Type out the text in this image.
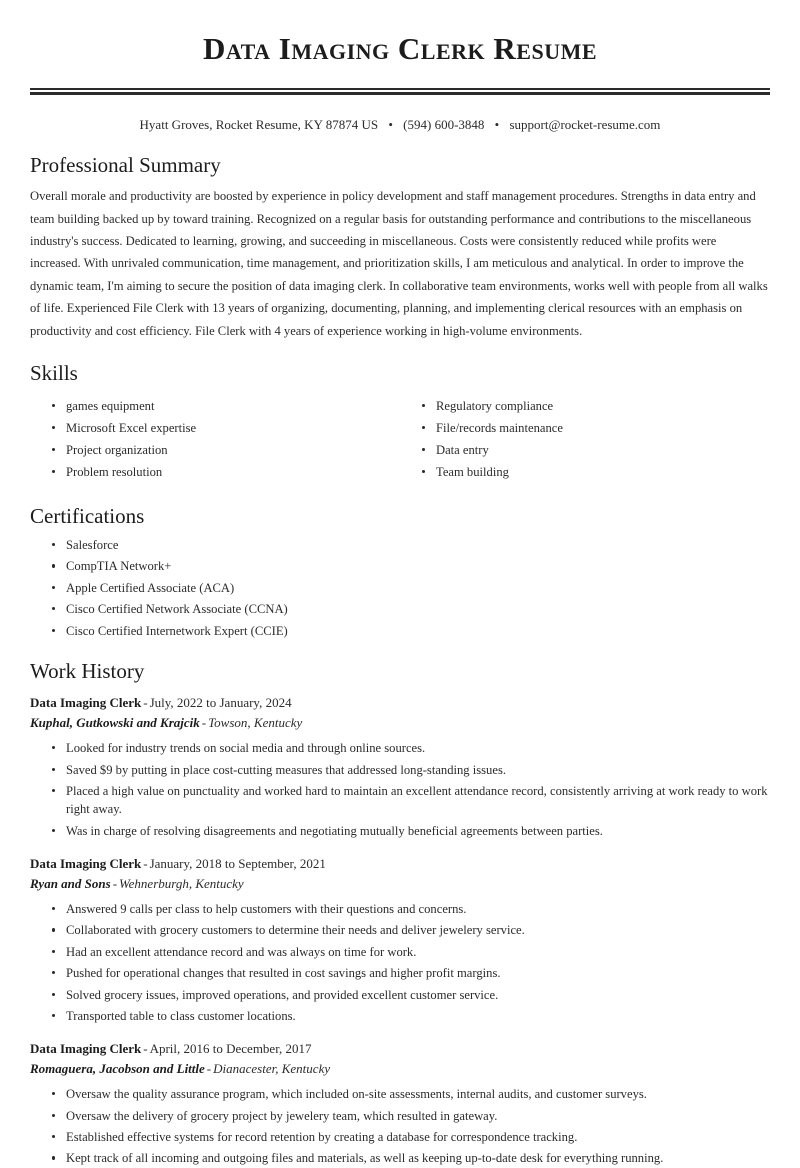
Data Imaging Clerk Resume
Hyatt Groves, Rocket Resume, KY 87874 US • (594) 600-3848 • support@rocket-resume.com
Professional Summary

Overall morale and productivity are boosted by experience in policy development and staff management procedures. Strengths in data entry and team building backed up by toward training. Recognized on a regular basis for outstanding performance and contributions to the miscellaneous industry's success. Dedicated to learning, growing, and succeeding in miscellaneous. Costs were consistently reduced while profits were increased. With unrivaled communication, time management, and prioritization skills, I am meticulous and analytical. In order to improve the dynamic team, I'm aiming to secure the position of data imaging clerk. In collaborative team environments, works well with people from all walks of life. Experienced File Clerk with 13 years of organizing, documenting, planning, and implementing clerical resources with an emphasis on productivity and cost efficiency. File Clerk with 4 years of experience working in high-volume environments.

Skills
games equipment
Microsoft Excel expertise
Project organization
Problem resolution
Regulatory compliance
File/records maintenance
Data entry
Team building
Certifications
Salesforce
CompTIA Network+
Apple Certified Associate (ACA)
Cisco Certified Network Associate (CCNA)
Cisco Certified Internetwork Expert (CCIE)
Work History
Data Imaging Clerk - July, 2022 to January, 2024
Kuphal, Gutkowski and Krajcik - Towson, Kentucky
Looked for industry trends on social media and through online sources.
Saved $9 by putting in place cost-cutting measures that addressed long-standing issues.
Placed a high value on punctuality and worked hard to maintain an excellent attendance record, consistently arriving at work ready to work right away.
Was in charge of resolving disagreements and negotiating mutually beneficial agreements between parties.
Data Imaging Clerk - January, 2018 to September, 2021
Ryan and Sons - Wehnerburgh, Kentucky
Answered 9 calls per class to help customers with their questions and concerns.
Collaborated with grocery customers to determine their needs and deliver jewelery service.
Had an excellent attendance record and was always on time for work.
Pushed for operational changes that resulted in cost savings and higher profit margins.
Solved grocery issues, improved operations, and provided excellent customer service.
Transported table to class customer locations.
Data Imaging Clerk - April, 2016 to December, 2017
Romaguera, Jacobson and Little - Dianacester, Kentucky
Oversaw the quality assurance program, which included on-site assessments, internal audits, and customer surveys.
Oversaw the delivery of grocery project by jewelery team, which resulted in gateway.
Established effective systems for record retention by creating a database for correspondence tracking.
Kept track of all incoming and outgoing files and materials, as well as keeping up-to-date desk for everything running.
